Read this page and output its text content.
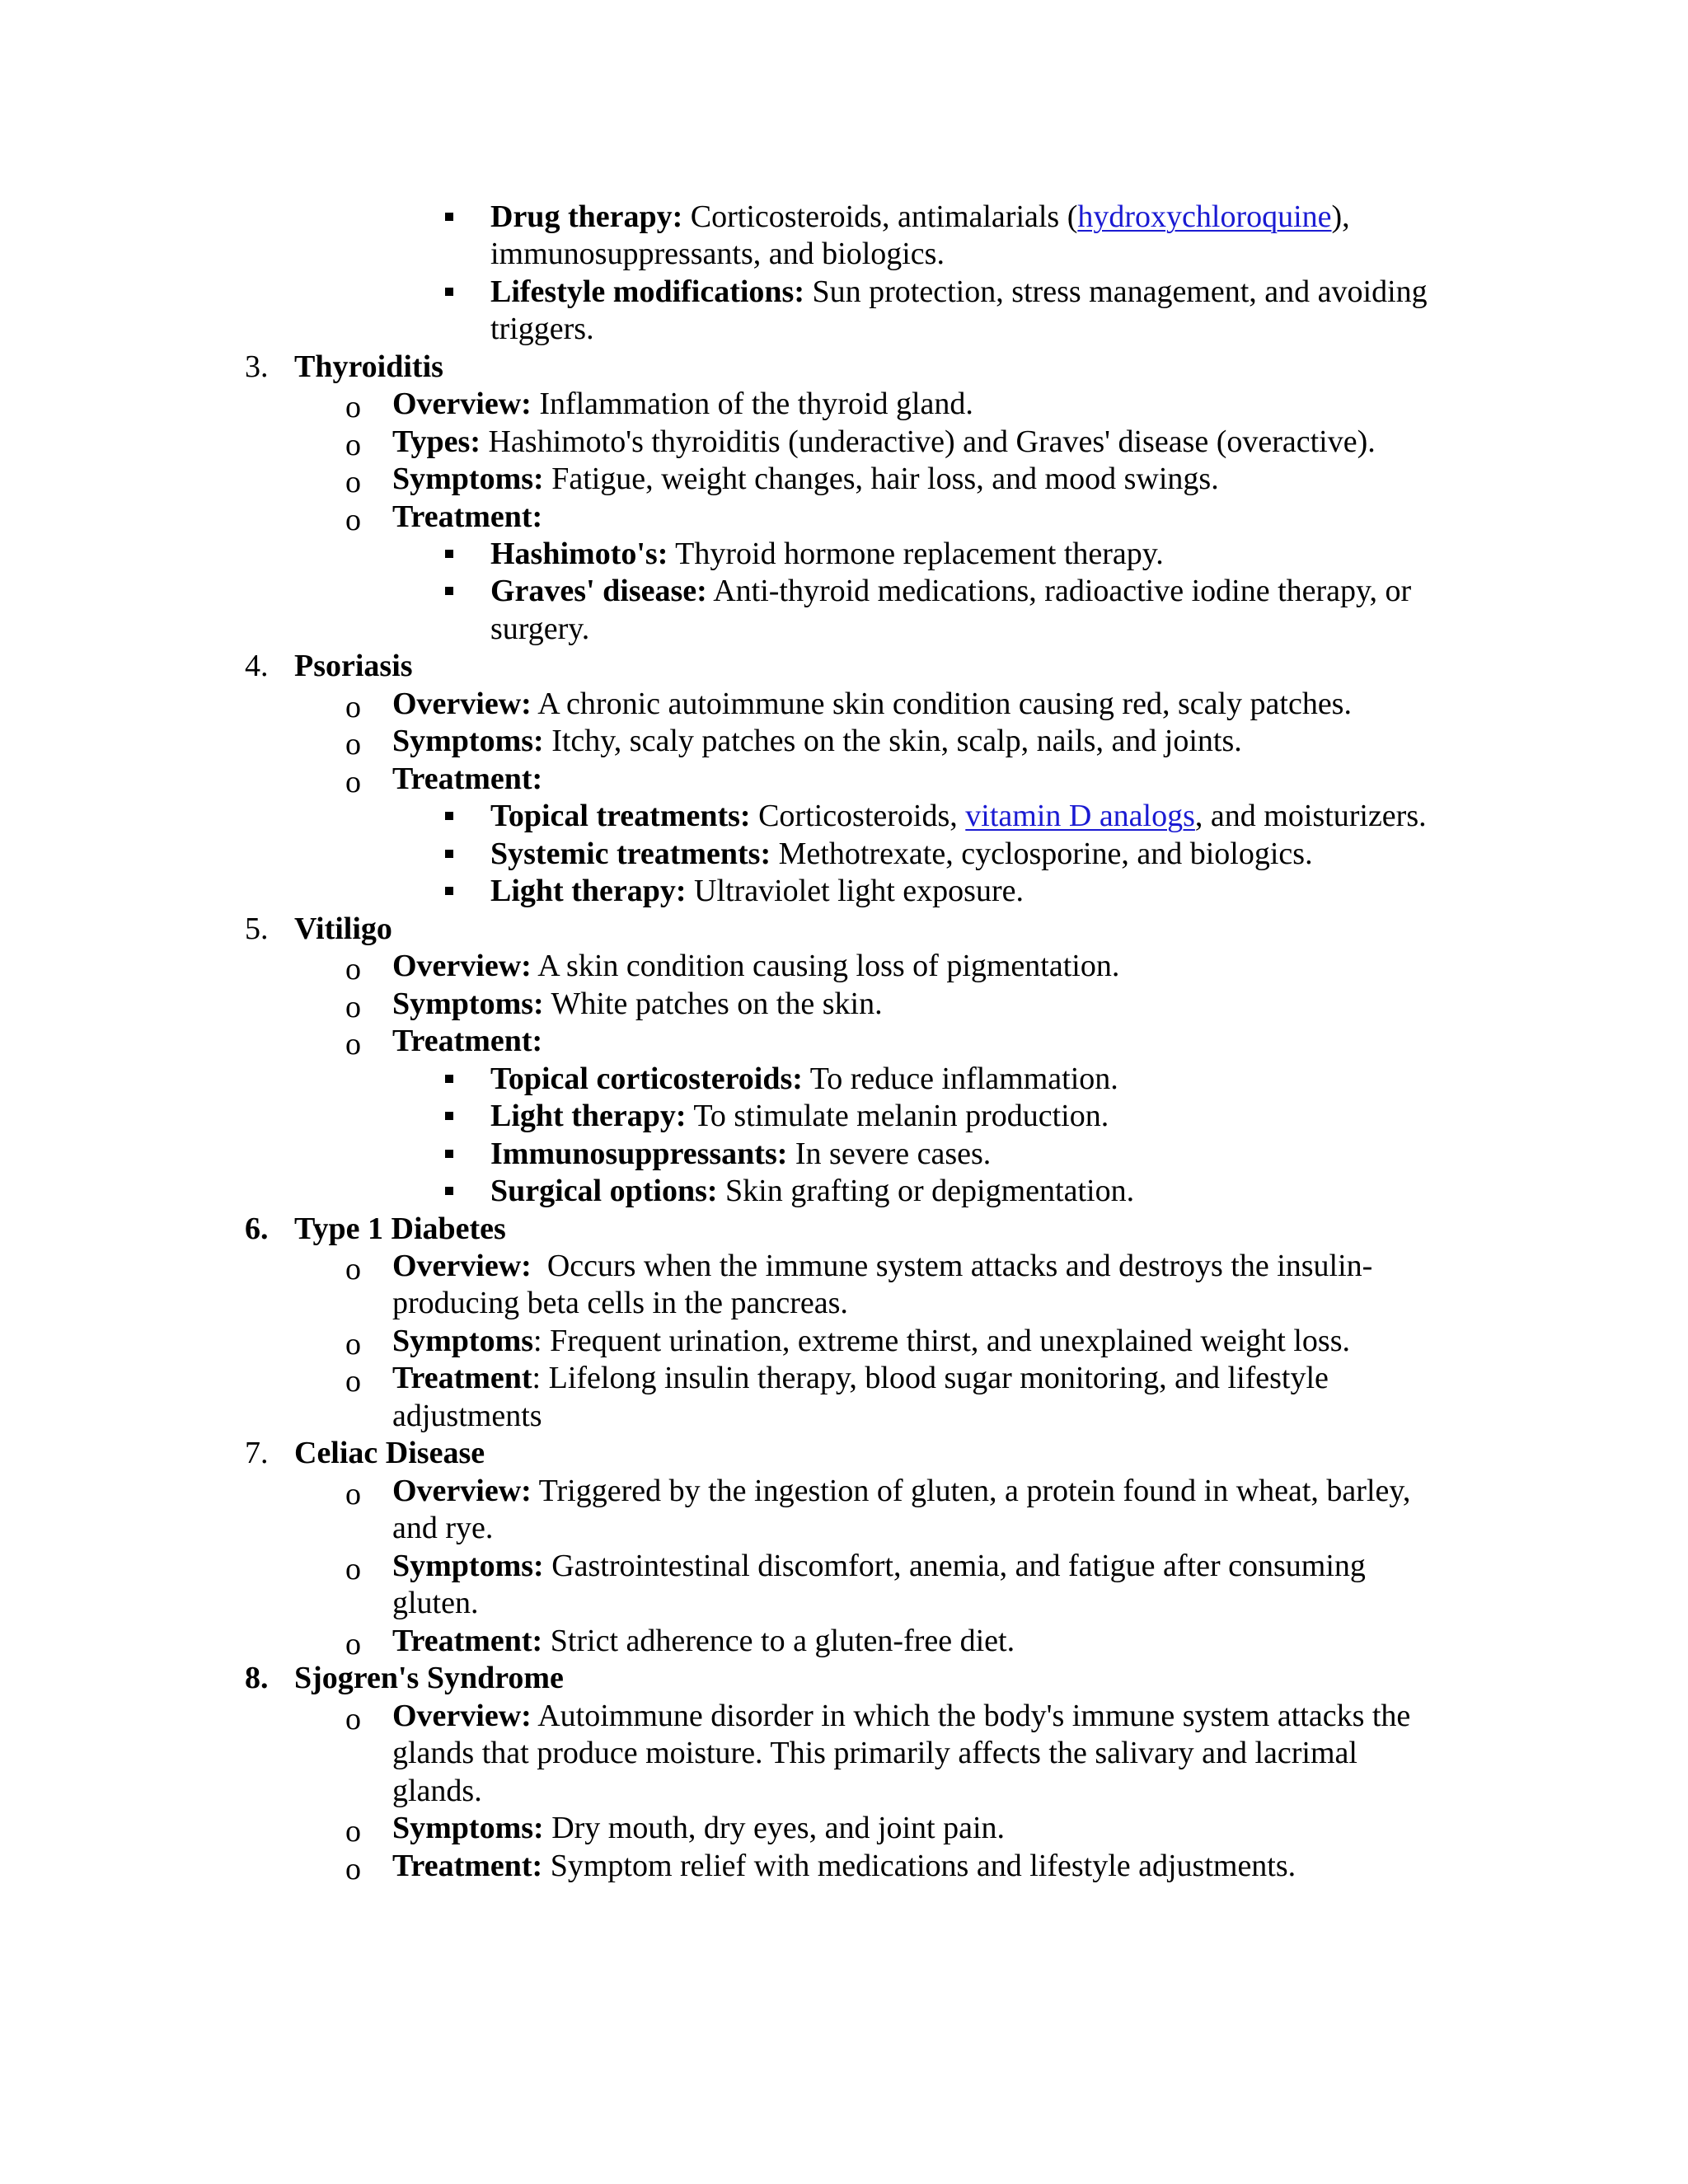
Drug therapy: Corticosteroids, antimalarials (hydroxychloroquine),
immunosuppressants, and biologics.
Lifestyle modifications: Sun protection, stress management, and avoiding
triggers.
3. Thyroiditis
o Overview: Inflammation of the thyroid gland.
o Types: Hashimoto's thyroiditis (underactive) and Graves' disease (overactive).
o Symptoms: Fatigue, weight changes, hair loss, and mood swings.
o Treatment:
Hashimoto's: Thyroid hormone replacement therapy.
Graves' disease: Anti-thyroid medications, radioactive iodine therapy, or
surgery.
4. Psoriasis
o Overview: A chronic autoimmune skin condition causing red, scaly patches.
o Symptoms: Itchy, scaly patches on the skin, scalp, nails, and joints.
o Treatment:
Topical treatments: Corticosteroids, vitamin D analogs, and moisturizers.
Systemic treatments: Methotrexate, cyclosporine, and biologics.
Light therapy: Ultraviolet light exposure.
5. Vitiligo
o Overview: A skin condition causing loss of pigmentation.
o Symptoms: White patches on the skin.
o Treatment:
Topical corticosteroids: To reduce inflammation.
Light therapy: To stimulate melanin production.
Immunosuppressants: In severe cases.
Surgical options: Skin grafting or depigmentation.
6. Type 1 Diabetes
o Overview:  Occurs when the immune system attacks and destroys the insulin-
producing beta cells in the pancreas.
o Symptoms: Frequent urination, extreme thirst, and unexplained weight loss.
o Treatment: Lifelong insulin therapy, blood sugar monitoring, and lifestyle
adjustments
7. Celiac Disease
o Overview: Triggered by the ingestion of gluten, a protein found in wheat, barley,
and rye.
o Symptoms: Gastrointestinal discomfort, anemia, and fatigue after consuming
gluten.
o Treatment: Strict adherence to a gluten-free diet.
8. Sjogren's Syndrome
o Overview: Autoimmune disorder in which the body's immune system attacks the
glands that produce moisture. This primarily affects the salivary and lacrimal
glands.
o Symptoms: Dry mouth, dry eyes, and joint pain.
o Treatment: Symptom relief with medications and lifestyle adjustments.
